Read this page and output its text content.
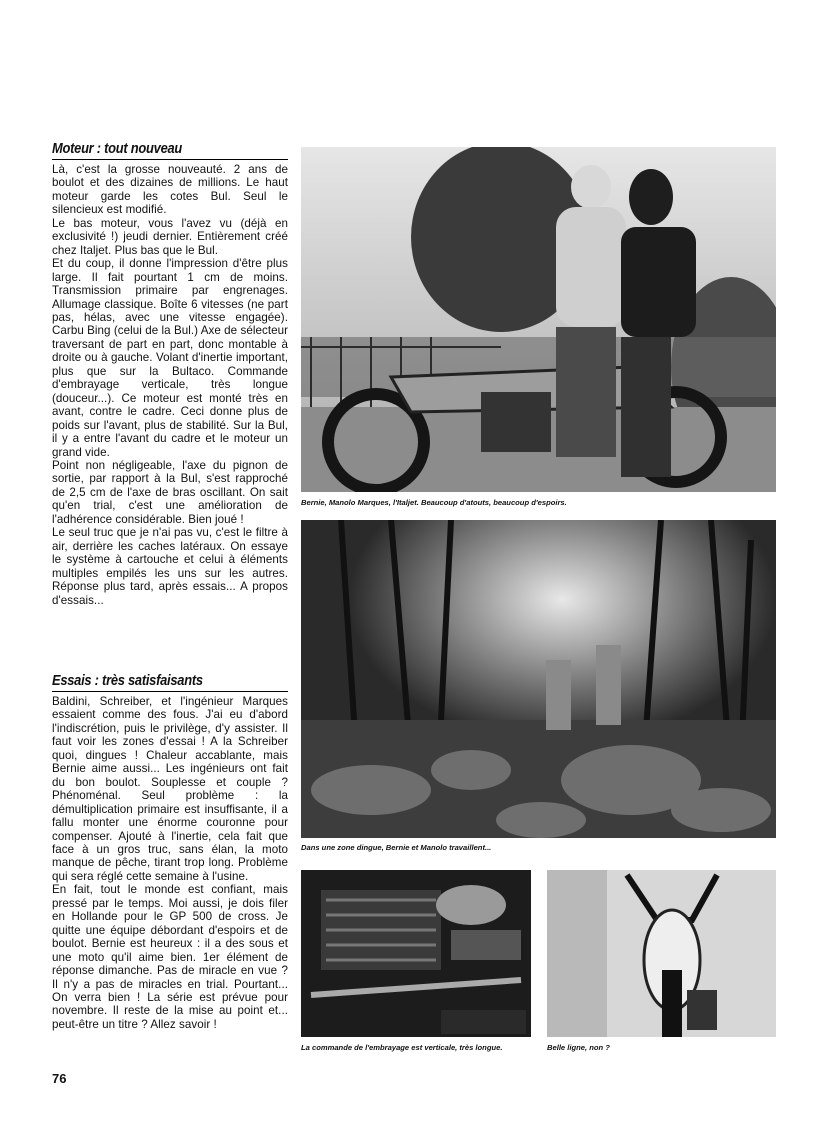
Moteur : tout nouveau

Là, c'est la grosse nouveauté. 2 ans de boulot et des dizaines de millions. Le haut moteur garde les cotes Bul. Seul le silencieux est modifié.

Le bas moteur, vous l'avez vu (déjà en exclusivité !) jeudi dernier. Entièrement créé chez Italjet. Plus bas que le Bul.

Et du coup, il donne l'impression d'être plus large. Il fait pourtant 1 cm de moins. Transmission primaire par engrenages. Allumage classique. Boîte 6 vitesses (ne part pas, hélas, avec une vitesse engagée). Carbu Bing (celui de la Bul.) Axe de sélecteur traversant de part en part, donc montable à droite ou à gauche. Volant d'inertie important, plus que sur la Bultaco. Commande d'embrayage verticale, très longue (douceur...). Ce moteur est monté très en avant, contre le cadre. Ceci donne plus de poids sur l'avant, plus de stabilité. Sur la Bul, il y a entre l'avant du cadre et le moteur un grand vide.

Point non négligeable, l'axe du pignon de sortie, par rapport à la Bul, s'est rapproché de 2,5 cm de l'axe de bras oscillant. On sait qu'en trial, c'est une amélioration de l'adhérence considérable. Bien joué !

Le seul truc que je n'ai pas vu, c'est le filtre à air, derrière les caches latéraux. On essaye le système à cartouche et celui à éléments multiples empilés les uns sur les autres. Réponse plus tard, après essais... A propos d'essais...

Essais : très satisfaisants

Baldini, Schreiber, et l'ingénieur Marques essaient comme des fous. J'ai eu d'abord l'indiscrétion, puis le privilège, d'y assister. Il faut voir les zones d'essai ! A la Schreiber quoi, dingues ! Chaleur accablante, mais Bernie aime aussi... Les ingénieurs ont fait du bon boulot. Souplesse et couple ? Phénoménal. Seul problème : la démultiplication primaire est insuffisante, il a fallu monter une énorme couronne pour compenser. Ajouté à l'inertie, cela fait que face à un gros truc, sans élan, la moto manque de pêche, tirant trop long. Problème qui sera réglé cette semaine à l'usine.

En fait, tout le monde est confiant, mais pressé par le temps. Moi aussi, je dois filer en Hollande pour le GP 500 de cross. Je quitte une équipe débordant d'espoirs et de boulot. Bernie est heureux : il a des sous et une moto qu'il aime bien. 1er élément de réponse dimanche. Pas de miracle en vue ? Il n'y a pas de miracles en trial. Pourtant... On verra bien ! La série est prévue pour novembre. Il reste de la mise au point et... peut-être un titre ? Allez savoir !

76
Bernie, Manolo Marques, l'Italjet. Beaucoup d'atouts, beaucoup d'espoirs.
Dans une zone dingue, Bernie et Manolo travaillent...
La commande de l'embrayage est verticale, très longue.	Belle ligne, non ?
